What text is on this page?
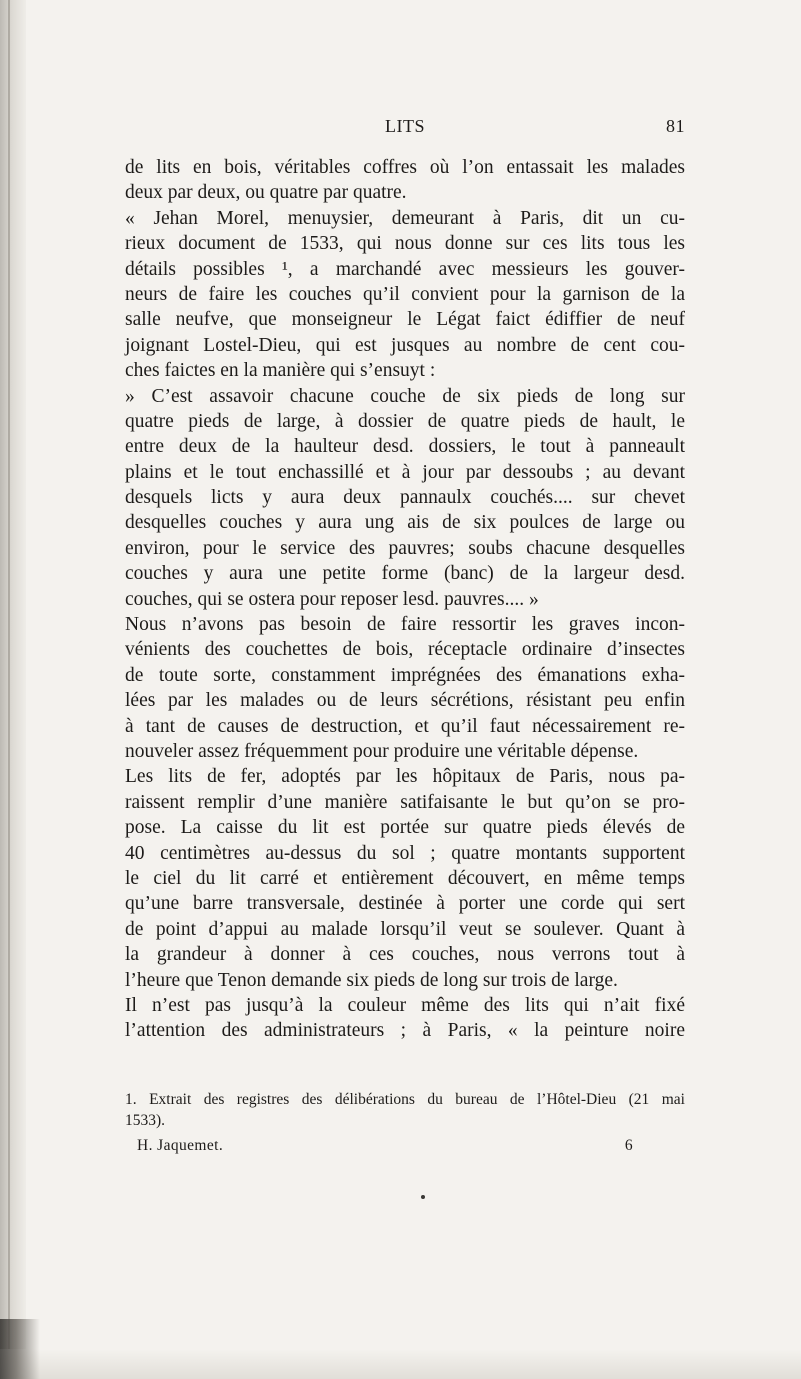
LITS	81
de lits en bois, véritables coffres où l’on entassait les malades
deux par deux, ou quatre par quatre.
« Jehan Morel, menuysier, demeurant à Paris, dit un cu-
rieux document de 1533, qui nous donne sur ces lits tous les
détails possibles ¹, a marchandé avec messieurs les gouver-
neurs de faire les couches qu’il convient pour la garnison de la
salle neufve, que monseigneur le Légat faict édiffier de neuf
joignant Lostel-Dieu, qui est jusques au nombre de cent cou-
ches faictes en la manière qui s’ensuyt :
» C’est assavoir chacune couche de six pieds de long sur
quatre pieds de large, à dossier de quatre pieds de hault, le
entre deux de la haulteur desd. dossiers, le tout à panneault
plains et le tout enchassillé et à jour par dessoubs ; au devant
desquels licts y aura deux pannaulx couchés.... sur chevet
desquelles couches y aura ung ais de six poulces de large ou
environ, pour le service des pauvres; soubs chacune desquelles
couches y aura une petite forme (banc) de la largeur desd.
couches, qui se ostera pour reposer lesd. pauvres.... »
Nous n’avons pas besoin de faire ressortir les graves incon-
vénients des couchettes de bois, réceptacle ordinaire d’insectes
de toute sorte, constamment imprégnées des émanations exha-
lées par les malades ou de leurs sécrétions, résistant peu enfin
à tant de causes de destruction, et qu’il faut nécessairement re-
nouveler assez fréquemment pour produire une véritable dépense.
Les lits de fer, adoptés par les hôpitaux de Paris, nous pa-
raissent remplir d’une manière satifaisante le but qu’on se pro-
pose. La caisse du lit est portée sur quatre pieds élevés de
40 centimètres au-dessus du sol ; quatre montants supportent
le ciel du lit carré et entièrement découvert, en même temps
qu’une barre transversale, destinée à porter une corde qui sert
de point d’appui au malade lorsqu’il veut se soulever. Quant à
la grandeur à donner à ces couches, nous verrons tout à
l’heure que Tenon demande six pieds de long sur trois de large.
Il n’est pas jusqu’à la couleur même des lits qui n’ait fixé
l’attention des administrateurs ; à Paris, « la peinture noire
1. Extrait des registres des délibérations du bureau de l’Hôtel-Dieu (21 mai
1533).
H. Jaquemet.	6
